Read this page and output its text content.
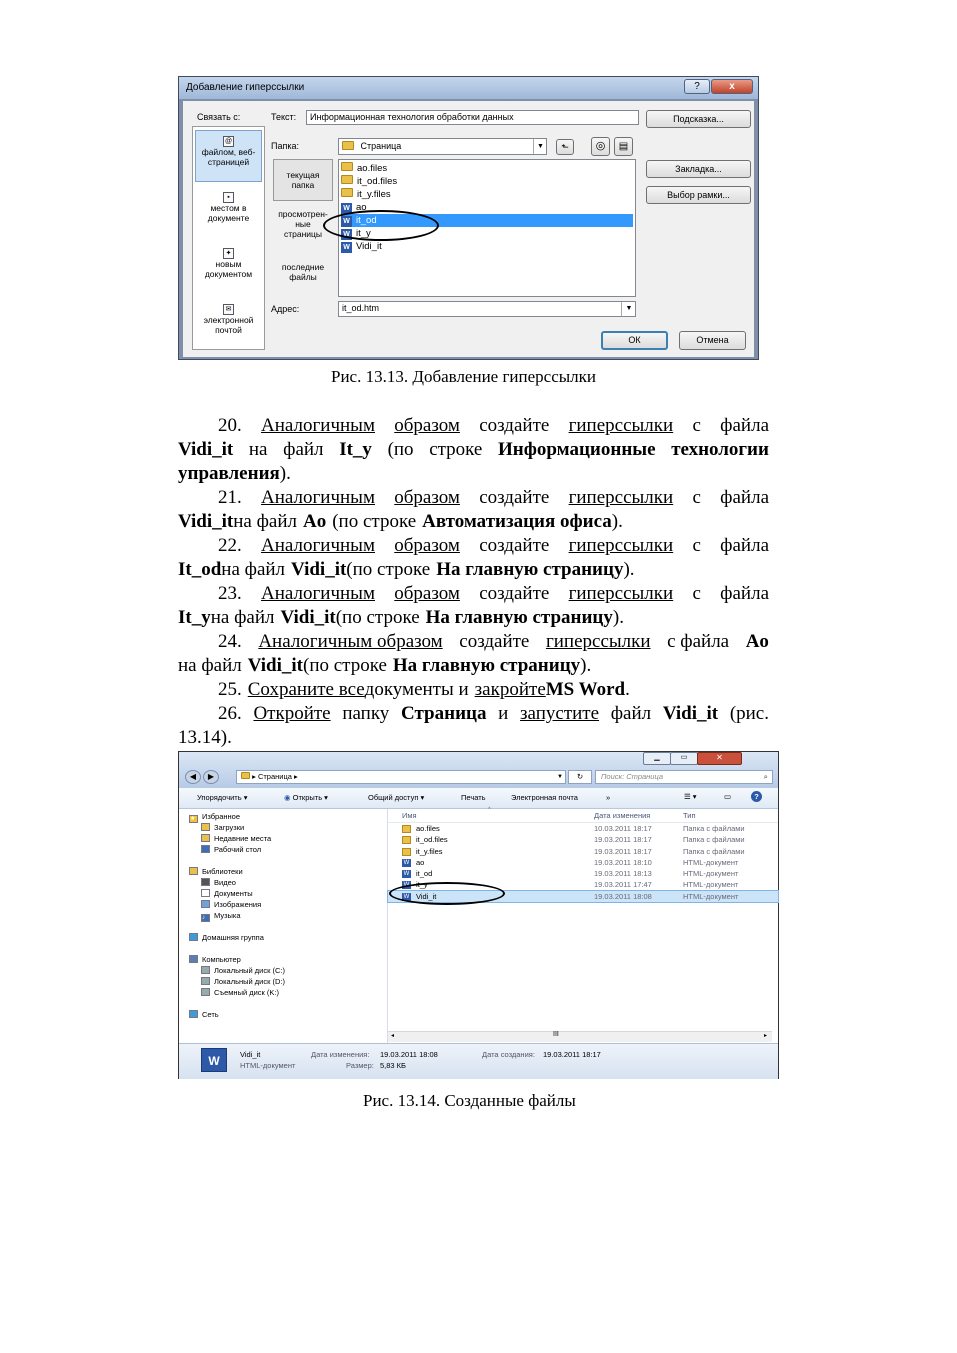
Добавление гиперссылки	?	x
Связать с:
@
файлом, веб-
страницей
▪
местом в
документе
✦
новым
документом
✉
электронной
почтой
Текст:	Информационная технология обработки данных	Подсказка...
Папка:	Страница	▼	⬑	◎	▤
текущая
папка
просмотрен-
ные
страницы
последние
файлы
ao.files
it_od.files
it_y.files
W ao
W it_od
W it_y
W Vidi_it
Закладка...
Выбор рамки...
Адрес:	it_od.htm	▼
ОК	Отмена
Рис. 13.13. Добавление гиперссылки
20. Аналогичным образом создайте гиперссылки с файла
Vidi_it на файл It_y (по строке Информационные технологии
управления).
21. Аналогичным образом создайте гиперссылки с файла
Vidi_it на файл Ao (по строке Автоматизация офиса).
22. Аналогичным образом создайте гиперссылки с файла
It_od на файл Vidi_it (по строке На главную страницу).
23. Аналогичным образом создайте гиперссылки с файла
It_y на файл Vidi_it (по строке На главную страницу).
24. Аналогичным образом создайте гиперссылки с файла Ao
на файл Vidi_it (по строке На главную страницу).
25. Сохраните все документы и закройте MS Word.
26. Откройте папку Страница и запустите файл Vidi_it (рис.
13.14).
▁	▭	✕
◀	▶	▸ Страница ▸	▼	↻	Поиск: Страница	⌕
Упорядочить ▾	◉ Открыть ▾	Общий доступ ▾	Печать	Электронная почта	»	☰ ▾	▭	?
★ Избранное
Загрузки
Недавние места
Рабочий стол
Библиотеки
Видео
Документы
Изображения
♪ Музыка
Домашняя группа
Компьютер
Локальный диск (C:)
Локальный диск (D:)
Съемный диск (K:)
Сеть
Имя	Дата изменения	Тип
^
ao.files	10.03.2011 18:17	Папка с файлами
it_od.files	19.03.2011 18:17	Папка с файлами
it_y.files	19.03.2011 18:17	Папка с файлами
W ao	19.03.2011 18:10	HTML-документ
W it_od	19.03.2011 18:13	HTML-документ
W it_y	19.03.2011 17:47	HTML-документ
W Vidi_it	19.03.2011 18:08	HTML-документ
◂	III	▸
W	Vidi_it
HTML-документ
Дата изменения: 19.03.2011 18:08
Размер: 5,83 КБ
Дата создания: 19.03.2011 18:17
Рис. 13.14. Созданные файлы
